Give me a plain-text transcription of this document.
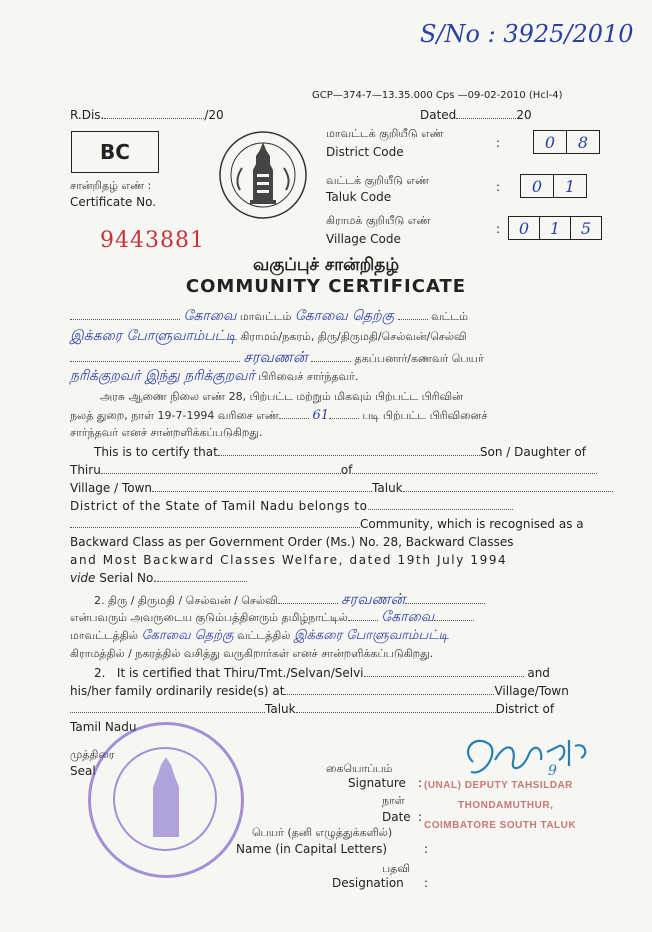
S/No : 3925/2010
GCP—374-7—13.35.000 Cps —09-02-2010 (Hcl-4)
R.Dis.	/20	Dated	20
BC
சான்றிதழ் எண் :
Certificate No.
9443881
மாவட்டக் குறியீடு எண்
District Code
:	0	8
வட்டக் குறியீடு எண்
Taluk Code
:	0	1
கிராமக் குறியீடு எண்
Village Code
:	0	1	5
வகுப்புச் சான்றிதழ்
COMMUNITY CERTIFICATE
கோவை மாவட்டம் கோவை தெற்கு	வட்டம்
இக்கரை போளுவாம்பட்டி கிராமம்/நகரம், திரு/திருமதி/செல்வன்/செல்வி
சரவணன்	தகப்பனார்/கணவர் பெயர்
நரிக்குறவர் இந்து நரிக்குறவர் பிரிவைச் சார்ந்தவர்.
அரசு ஆணை நிலை எண் 28, பிற்பட்ட மற்றும் மிகவும் பிற்பட்ட பிரிவின்
நலத் துறை, நாள் 19-7-1994 வரிசை எண்	61	படி பிற்பட்ட பிரிவினைச்
சார்ந்தவர் எனச் சான்றளிக்கப்படுகிறது.
This is to certify that	Son / Daughter of
Thiru	of
Village / Town	Taluk
District of the State of Tamil Nadu belongs to
Community, which is recognised as a
Backward Class as per Government Order (Ms.) No. 28, Backward Classes
and Most Backward Classes Welfare, dated 19th July 1994
vide Serial No.
2. திரு / திருமதி / செல்வன் / செல்வி	சரவணன்
என்பவரும் அவருடைய குடும்பத்தினரும் தமிழ்நாட்டில் கோவை
மாவட்டத்தில் கோவை தெற்கு வட்டத்தில் இக்கரை போளுவாம்பட்டி
கிராமத்தில் / நகரத்தில் வசித்து வருகிறார்கள் எனச் சான்றளிக்கப்படுகிறது.
2. It is certified that Thiru/Tmt./Selvan/Selvi	and
his/her family ordinarily reside(s) at	Village/Town
Taluk	District of
Tamil Nadu
முத்திரை
Seal	கையொப்பம்
Signature :
நாள்
Date :
பெயர் (தனி எழுத்துக்களில்)
Name (in Capital Letters)	:
பதவி
Designation :
9
(UNAL) DEPUTY TAHSILDAR
THONDAMUTHUR,
COIMBATORE SOUTH TALUK
